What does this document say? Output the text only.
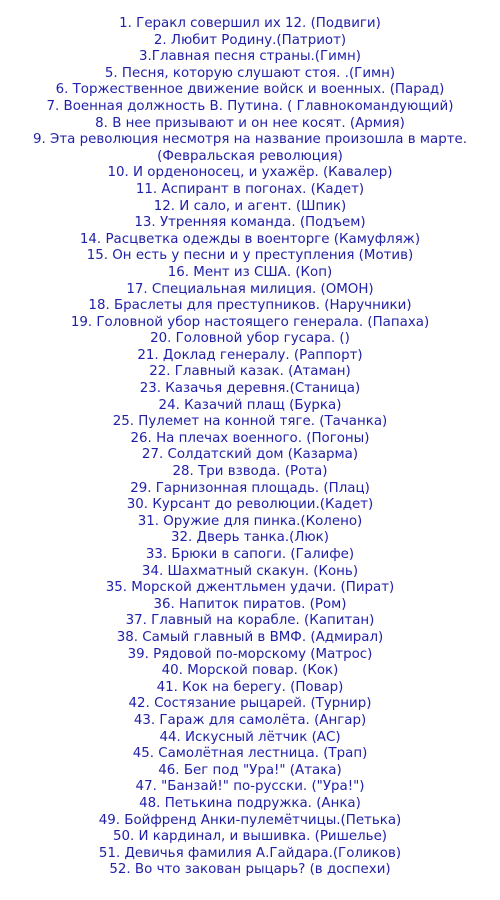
1. Геракл совершил их 12. (Подвиги)
2. Любит Родину.(Патриот)
3.Главная песня страны.(Гимн)
5. Песня, которую слушают стоя. .(Гимн)
6. Торжественное движение войск и военных. (Парад)
7. Военная должность В. Путина. ( Главнокомандующий)
8. В нее призывают и он нее косят. (Армия)
9. Эта революция несмотря на название произошла в марте.(Февральская революция)
10. И орденоносец, и ухажёр. (Кавалер)
11. Аспирант в погонах. (Кадет)
12. И сало, и агент. (Шпик)
13. Утренняя команда. (Подъем)
14. Расцветка одежды в военторге (Камуфляж)
15. Он есть у песни и у преступления (Мотив)
16. Мент из США. (Коп)
17. Специальная милиция. (ОМОН)
18. Браслеты для преступников. (Наручники)
19. Головной убор настоящего генерала. (Папаха)
20. Головной убор гусара. ()
21. Доклад генералу. (Раппорт)
22. Главный казак. (Атаман)
23. Казачья деревня.(Станица)
24. Казачий плащ (Бурка)
25. Пулемет на конной тяге. (Тачанка)
26. На плечах военного. (Погоны)
27. Солдатский дом (Казарма)
28. Три взвода. (Рота)
29. Гарнизонная площадь. (Плац)
30. Курсант до революции.(Кадет)
31. Оружие для пинка.(Колено)
32. Дверь танка.(Люк)
33. Брюки в сапоги. (Галифе)
34. Шахматный скакун. (Конь)
35. Морской джентльмен удачи. (Пират)
36. Напиток пиратов. (Ром)
37. Главный на корабле. (Капитан)
38. Самый главный в ВМФ. (Адмирал)
39. Рядовой по-морскому (Матрос)
40. Морской повар. (Кок)
41. Кок на берегу. (Повар)
42. Состязание рыцарей. (Турнир)
43. Гараж для самолёта. (Ангар)
44. Искусный лётчик (АС)
45. Самолётная лестница. (Трап)
46. Бег под "Ура!" (Атака)
47. "Банзай!" по-русски. ("Ура!")
48. Петькина подружка. (Анка)
49. Бойфренд Анки-пулемётчицы.(Петька)
50. И кардинал, и вышивка. (Ришелье)
51. Девичья фамилия А.Гайдара.(Голиков)
52. Во что закован рыцарь? (в доспехи)
